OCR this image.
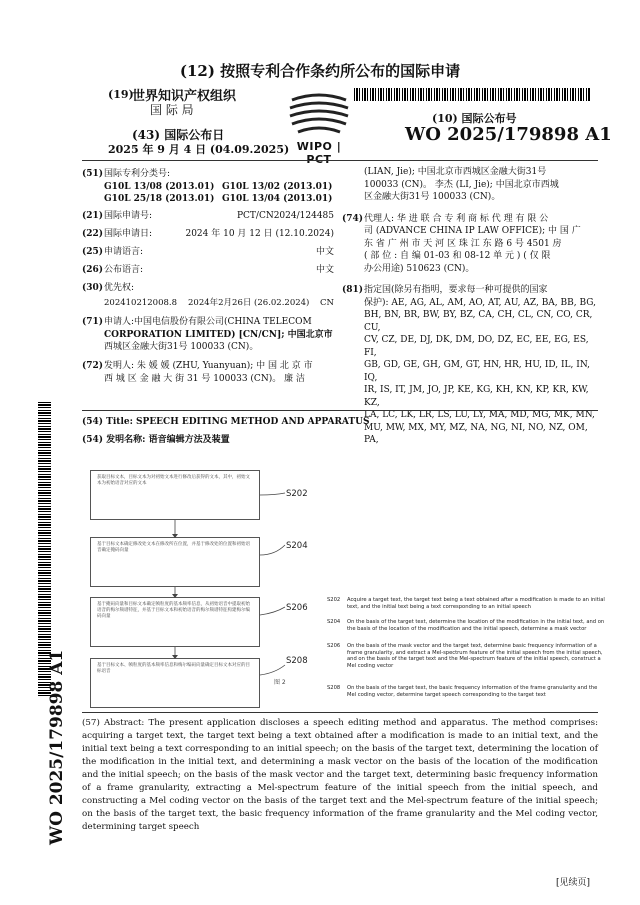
(12) 按照专利合作条约所公布的国际申请
(19)
世界知识产权组织
国 际 局
(43) 国际公布日
2025 年 9 月 4 日 (04.09.2025) WIPO | PCT
(10) 国际公布号
WO 2025/179898 A1
(51) 国际专利分类号:
G10L 13/08 (2013.01) G10L 13/02 (2013.01)
G10L 25/18 (2013.01) G10L 13/04 (2013.01)
(21) 国际申请号:	PCT/CN2024/124485
(22) 国际申请日:	2024 年 10 月 12 日 (12.10.2024)
(25) 申请语言:	中文
(26) 公布语言:	中文
(30) 优先权:
202410212008.8 2024年2月26日 (26.02.2024) CN
(71) 申请人:中国电信股份有限公司(CHINA TELECOM
CORPORATION LIMITED) [CN/CN]; 中国北京市
西城区金融大街31号 100033 (CN)。
(72) 发明人: 朱 媛 媛 (ZHU, Yuanyuan); 中 国 北 京 市
西 城 区 金 融 大 街 31 号 100033 (CN)。 廉 洁
(LIAN, Jie); 中国北京市西城区金融大街31号
100033 (CN)。 李杰 (LI, Jie); 中国北京市西城
区金融大街31号 100033 (CN)。
(74) 代理人: 华 进 联 合 专 利 商 标 代 理 有 限 公
司 (ADVANCE CHINA IP LAW OFFICE); 中 国 广
东 省 广 州 市 天 河 区 珠 江 东 路 6 号 4501 房
( 部 位 : 自 编 01-03 和 08-12 单 元 ) ( 仅 限
办公用途) 510623 (CN)。
(81) 指定国(除另有指明，要求每一种可提供的国家
保护): AE, AG, AL, AM, AO, AT, AU, AZ, BA, BB, BG,
BH, BN, BR, BW, BY, BZ, CA, CH, CL, CN, CO, CR, CU,
CV, CZ, DE, DJ, DK, DM, DO, DZ, EC, EE, EG, ES, FI,
GB, GD, GE, GH, GM, GT, HN, HR, HU, ID, IL, IN, IQ,
IR, IS, IT, JM, JO, JP, KE, KG, KH, KN, KP, KR, KW, KZ,
LA, LC, LK, LR, LS, LU, LY, MA, MD, MG, MK, MN,
MU, MW, MX, MY, MZ, NA, NG, NI, NO, NZ, OM, PA,
WO 2025/179898 A1
(54) Title: SPEECH EDITING METHOD AND APPARATUS
(54) 发明名称: 语音编辑方法及装置
获取目标文本，目标文本为对初始文本进行修改后获得的文本，其中，初始文本为初始语音对应的文本
基于目标文本确定修改处文本在修改所在位置，并基于修改处的位置和初始语音确定掩码向量
基于掩码向量和目标文本确定帧粒度的基本频率信息，从初始语音中提取初始语音的梅尔频谱特征，并基于目标文本和初始语音的梅尔频谱特征构建梅尔编码向量
基于目标文本、帧粒度的基本频率信息和梅尔编码向量确定目标文本对应的目标语音
S202
S204
S206
S208
图 2
S202 Acquire a target text, the target text being a text obtained after a modification is made to an initial text, and the initial text being a text corresponding to an initial speech
S204 On the basis of the target text, determine the location of the modification in the initial text, and on the basis of the location of the modification and the initial speech, determine a mask vector
S206 On the basis of the mask vector and the target text, determine basic frequency information of a frame granularity, and extract a Mel-spectrum feature of the initial speech from the initial speech, and on the basis of the target text and the Mel-spectrum feature of the initial speech, construct a Mel coding vector
S208 On the basis of the target text, the basic frequency information of the frame granularity and the Mel coding vector, determine target speech corresponding to the target text
(57) Abstract: The present application discloses a speech editing method and apparatus. The method comprises: acquiring a target text, the target text being a text obtained after a modification is made to an initial text, and the initial text being a text corresponding to an initial speech; on the basis of the target text, determining the location of the modification in the initial text, and determining a mask vector on the basis of the location of the modification and the initial speech; on the basis of the mask vector and the target text, determining basic frequency information of a frame granularity, extracting a Mel-spectrum feature of the initial speech from the initial speech, and constructing a Mel coding vector on the basis of the target text and the Mel-spectrum feature of the initial speech; on the basis of the target text, the basic frequency information of the frame granularity and the Mel coding vector, determining target speech
[见续页]
